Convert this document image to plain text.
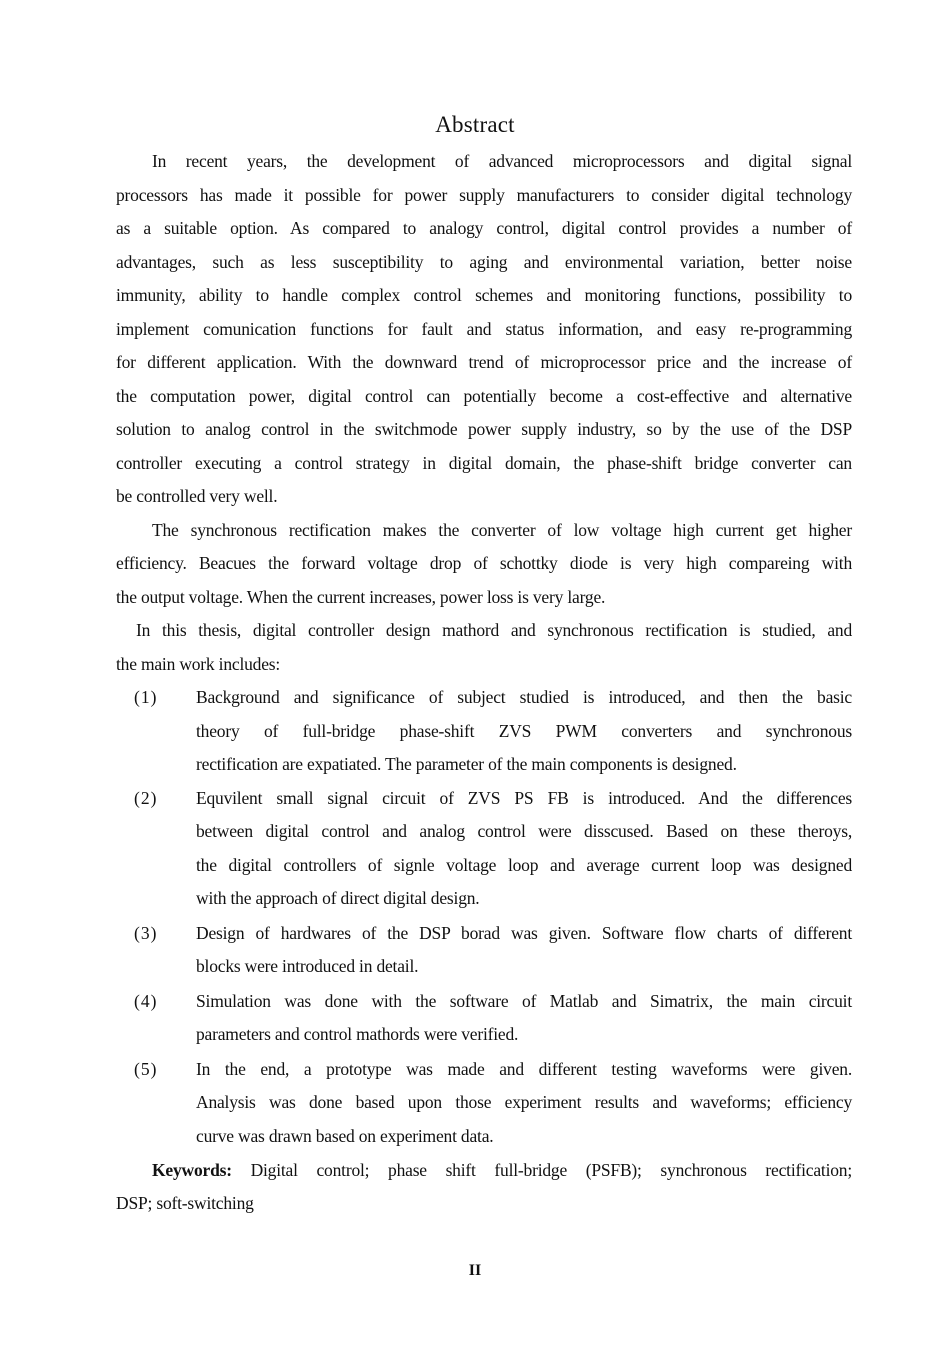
Abstract
In recent years, the development of advanced microprocessors and digital signal
processors has made it possible for power supply manufacturers to consider digital technology
as a suitable option. As compared to analogy control, digital control provides a number of
advantages, such as less susceptibility to aging and environmental variation, better noise
immunity, ability to handle complex control schemes and monitoring functions, possibility to
implement comunication functions for fault and status information, and easy re-programming
for different application. With the downward trend of microprocessor price and the increase of
the computation power, digital control can potentially become a cost-effective and alternative
solution to analog control in the switchmode power supply industry, so by the use of the DSP
controller executing a control strategy in digital domain, the phase-shift bridge converter can
be controlled very well.
The synchronous rectification makes the converter of low voltage high current get higher
efficiency. Beacues the forward voltage drop of schottky diode is very high compareing with
the output voltage. When the current increases, power loss is very large.
In this thesis, digital controller design mathord and synchronous rectification is studied, and
the main work includes:
(1) Background and significance of subject studied is introduced, and then the basic
theory of full-bridge phase-shift ZVS PWM converters and synchronous
rectification are expatiated. The parameter of the main components is designed.
(2) Equvilent small signal circuit of ZVS PS FB is introduced. And the differences
between digital control and analog control were disscused. Based on these theroys,
the digital controllers of signle voltage loop and average current loop was designed
with the approach of direct digital design.
(3) Design of hardwares of the DSP borad was given. Software flow charts of different
blocks were introduced in detail.
(4) Simulation was done with the software of Matlab and Simatrix, the main circuit
parameters and control mathords were verified.
(5) In the end, a prototype was made and different testing waveforms were given.
Analysis was done based upon those experiment results and waveforms; efficiency
curve was drawn based on experiment data.
Keywords: Digital control; phase shift full-bridge (PSFB); synchronous rectification;
DSP; soft-switching
II
